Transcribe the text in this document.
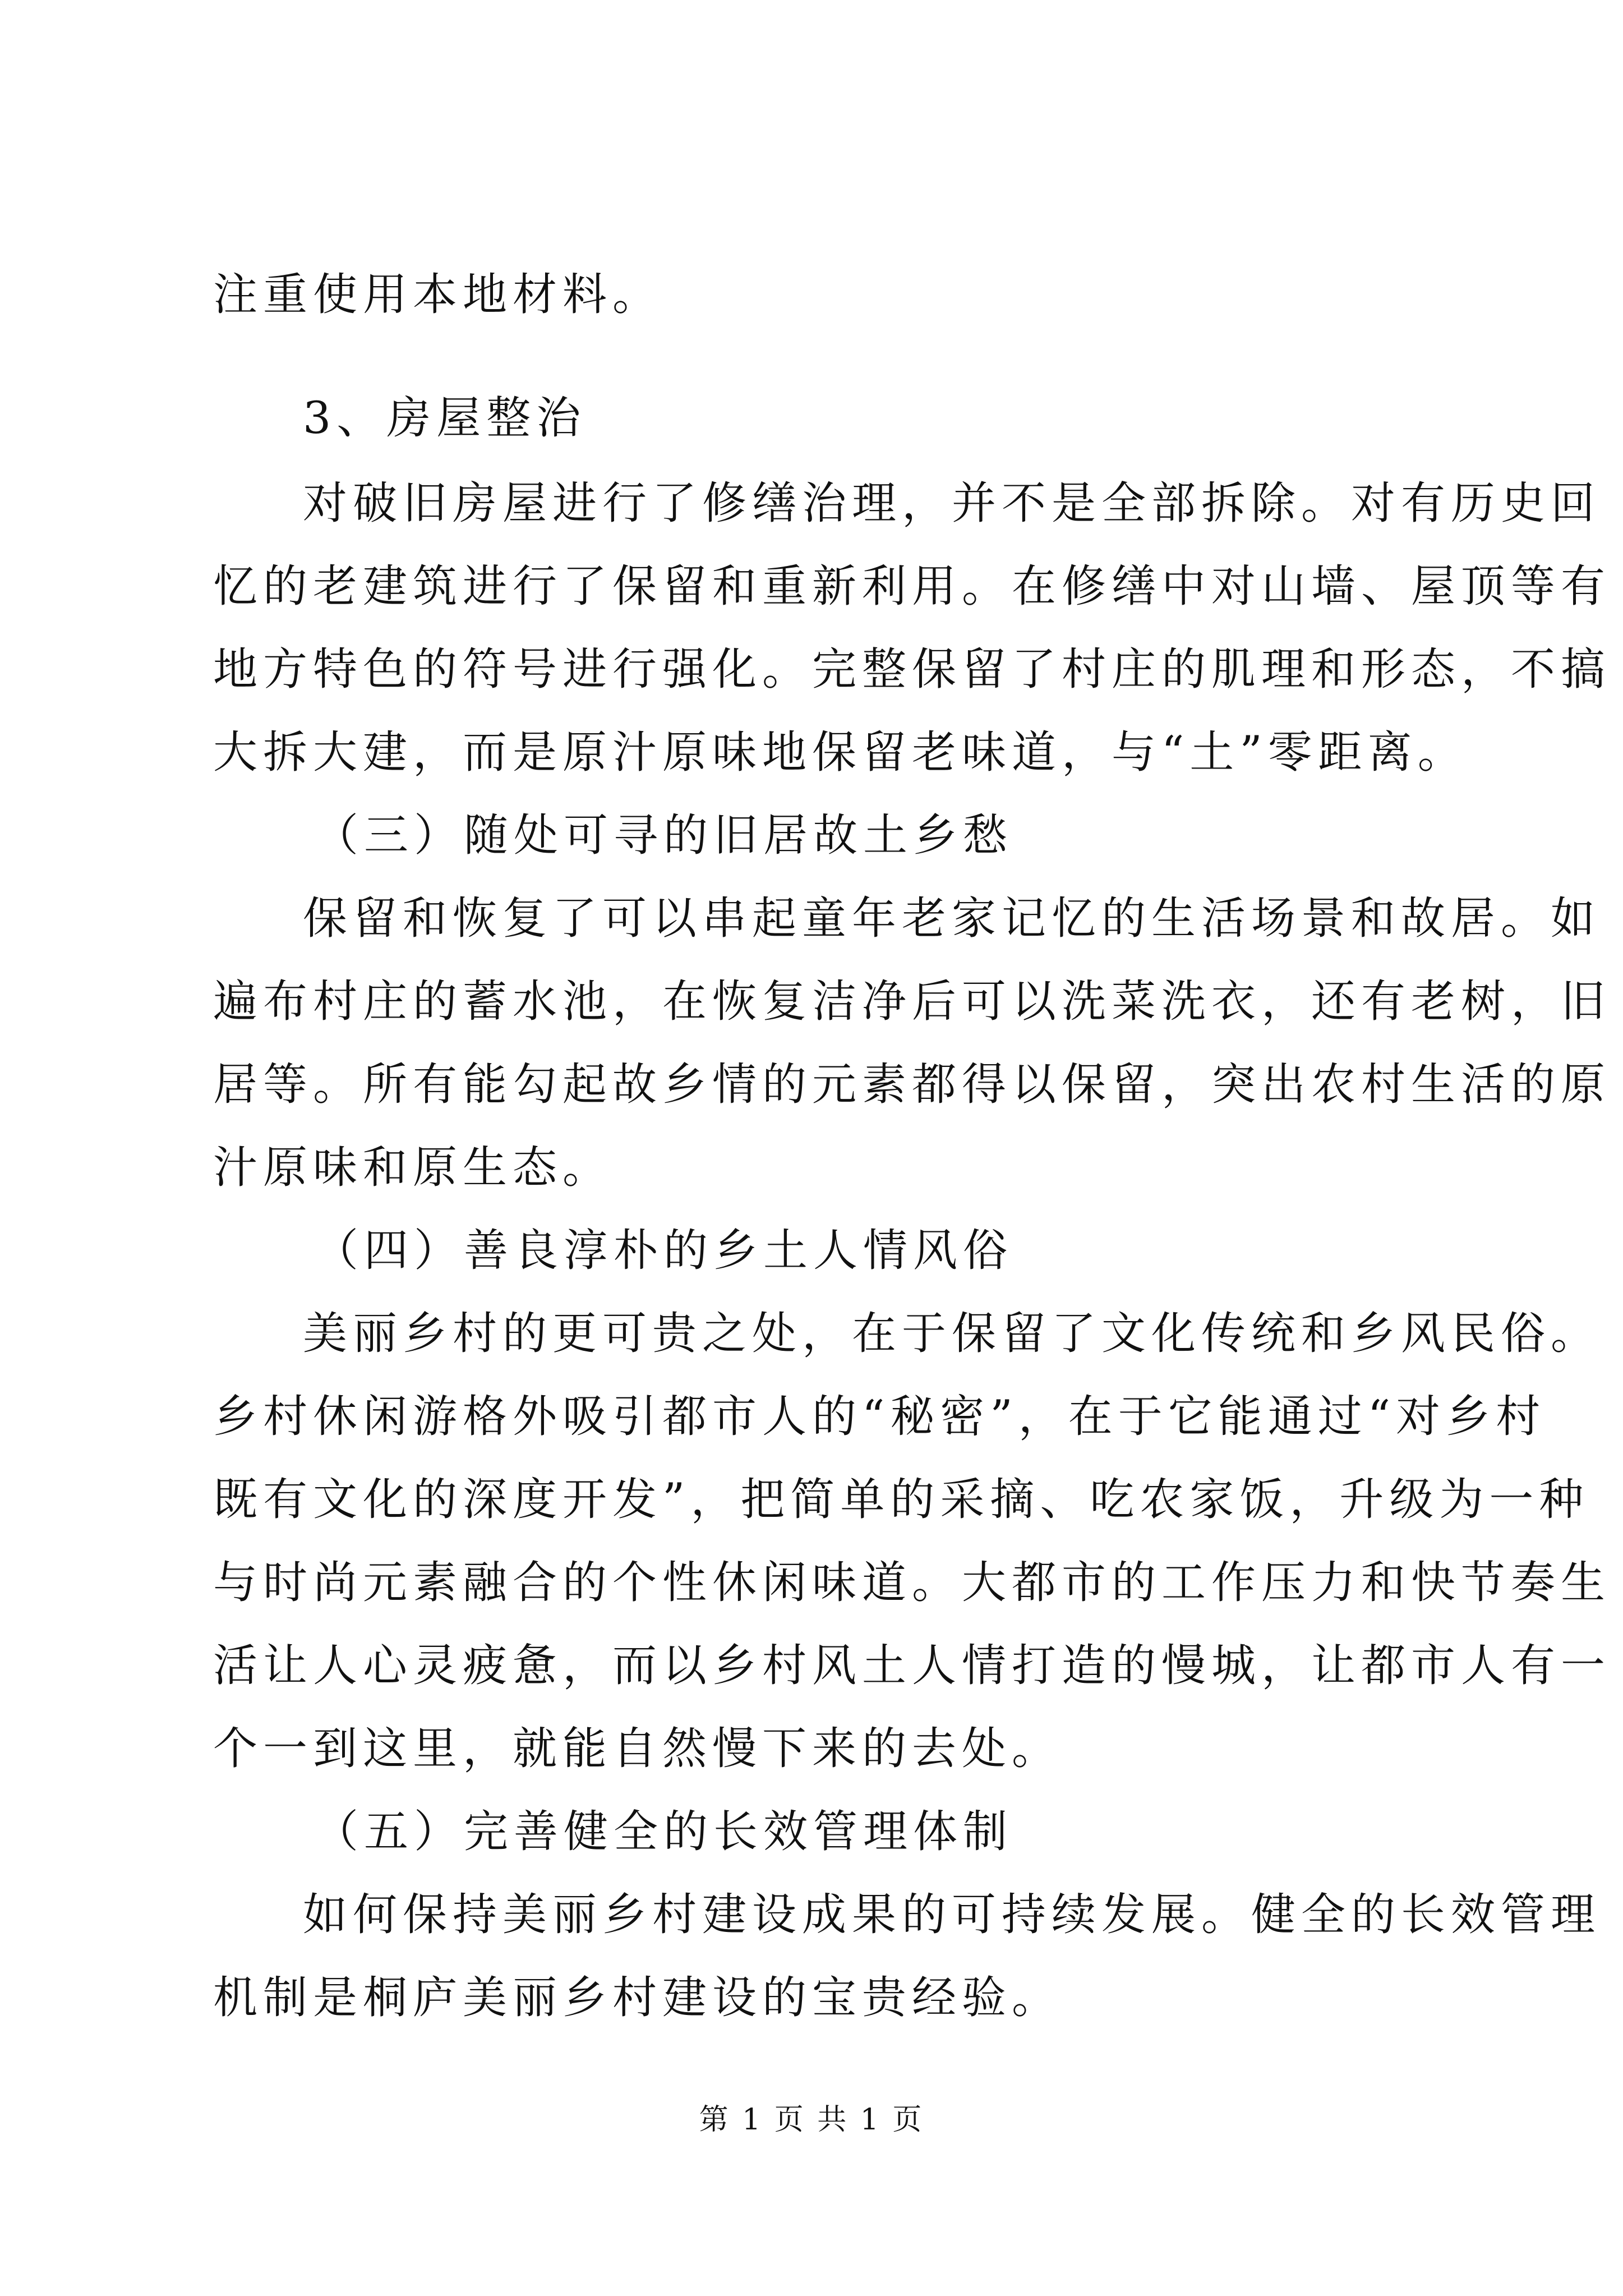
注重使用本地材料。
3、房屋整治
对破旧房屋进行了修缮治理，并不是全部拆除。对有历史回
忆的老建筑进行了保留和重新利用。在修缮中对山墙、屋顶等有
地方特色的符号进行强化。完整保留了村庄的肌理和形态，不搞
大拆大建，而是原汁原味地保留老味道，与“土”零距离。
（三）随处可寻的旧居故土乡愁
保留和恢复了可以串起童年老家记忆的生活场景和故居。如
遍布村庄的蓄水池，在恢复洁净后可以洗菜洗衣，还有老树，旧
居等。所有能勾起故乡情的元素都得以保留，突出农村生活的原
汁原味和原生态。
（四）善良淳朴的乡土人情风俗
美丽乡村的更可贵之处，在于保留了文化传统和乡风民俗。
乡村休闲游格外吸引都市人的“秘密”，在于它能通过“对乡村
既有文化的深度开发”，把简单的采摘、吃农家饭，升级为一种
与时尚元素融合的个性休闲味道。大都市的工作压力和快节奏生
活让人心灵疲惫，而以乡村风土人情打造的慢城，让都市人有一
个一到这里，就能自然慢下来的去处。
（五）完善健全的长效管理体制
如何保持美丽乡村建设成果的可持续发展。健全的长效管理
机制是桐庐美丽乡村建设的宝贵经验。
第 1 页 共 1 页
